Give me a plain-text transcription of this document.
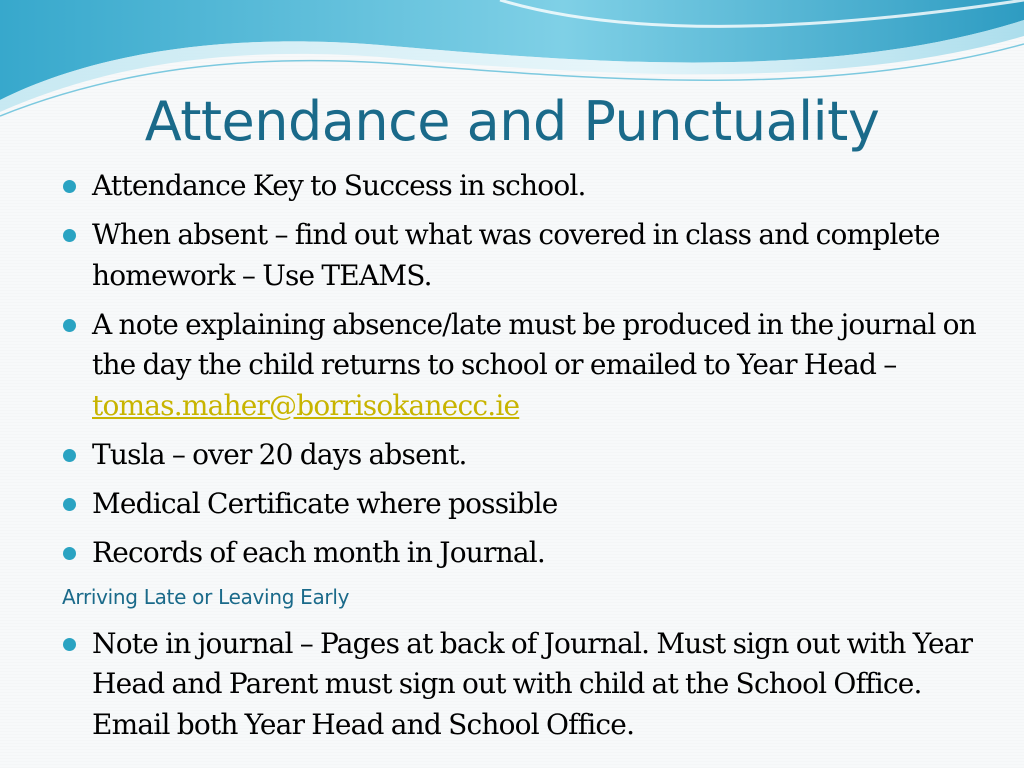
Attendance and Punctuality
Attendance Key to Success in school.
When absent – find out what was covered in class and complete homework – Use TEAMS.
A note explaining absence/late must be produced in the journal on the day the child returns to school or emailed to Year Head – tomas.maher@borrisokanecc.ie
Tusla – over 20 days absent.
Medical Certificate where possible
Records of each month in Journal.
Arriving Late or Leaving Early
Note in journal – Pages at back of Journal. Must sign out with Year Head and Parent must sign out with child at the School Office. Email both Year Head and School Office.
